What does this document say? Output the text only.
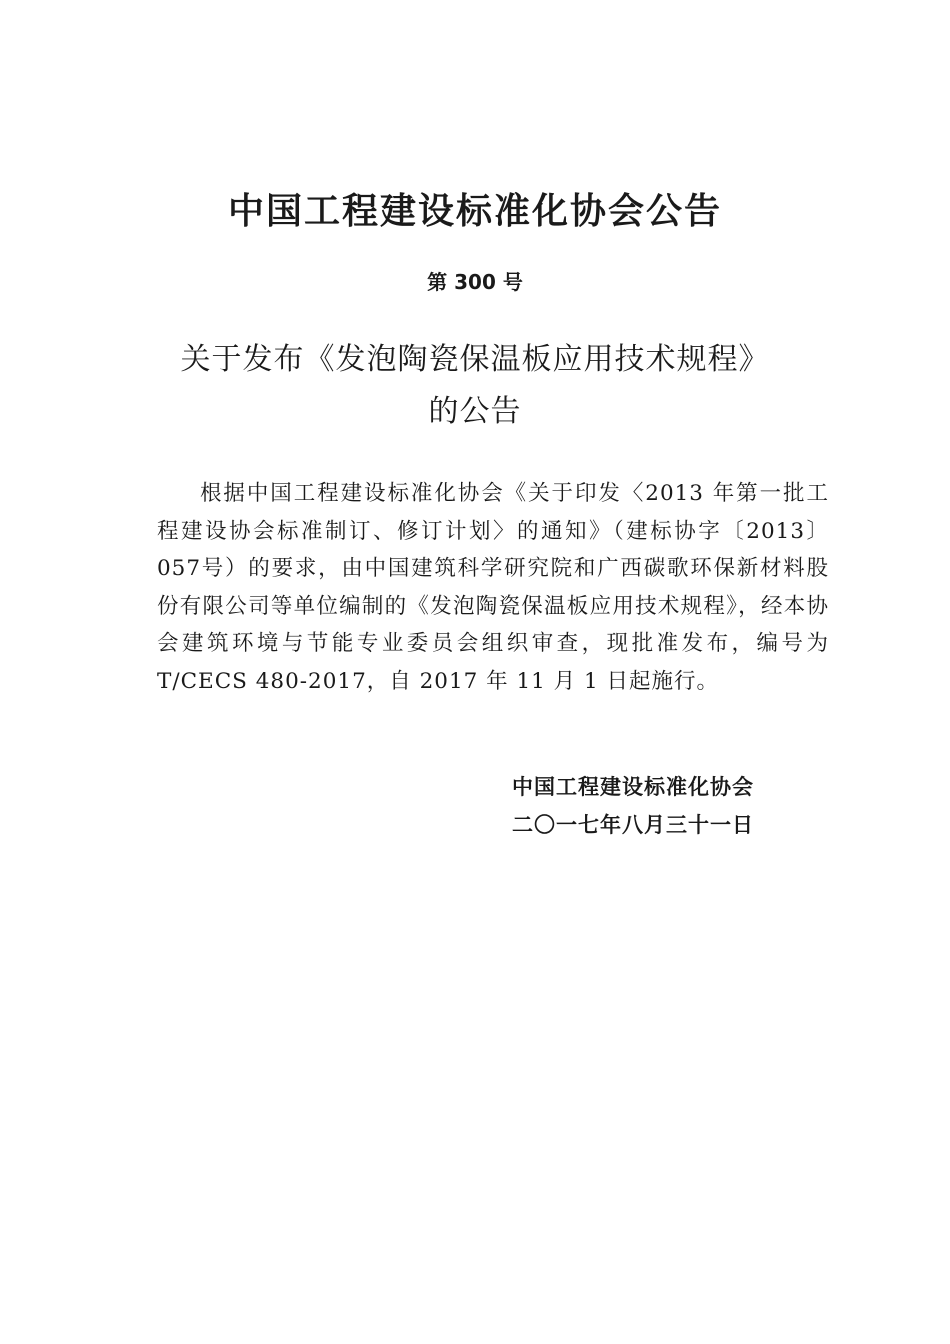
中国工程建设标准化协会公告
第 300 号
关于发布《发泡陶瓷保温板应用技术规程》
的公告

根据中国工程建设标准化协会《关于印发〈2013 年第一批工程建设协会标准制订、修订计划〉的通知》（建标协字〔2013〕057号）的要求，由中国建筑科学研究院和广西碳歌环保新材料股份有限公司等单位编制的《发泡陶瓷保温板应用技术规程》，经本协会建筑环境与节能专业委员会组织审查，现批准发布，编号为 T/CECS 480-2017，自 2017 年 11 月 1 日起施行。

中国工程建设标准化协会
二〇一七年八月三十一日
